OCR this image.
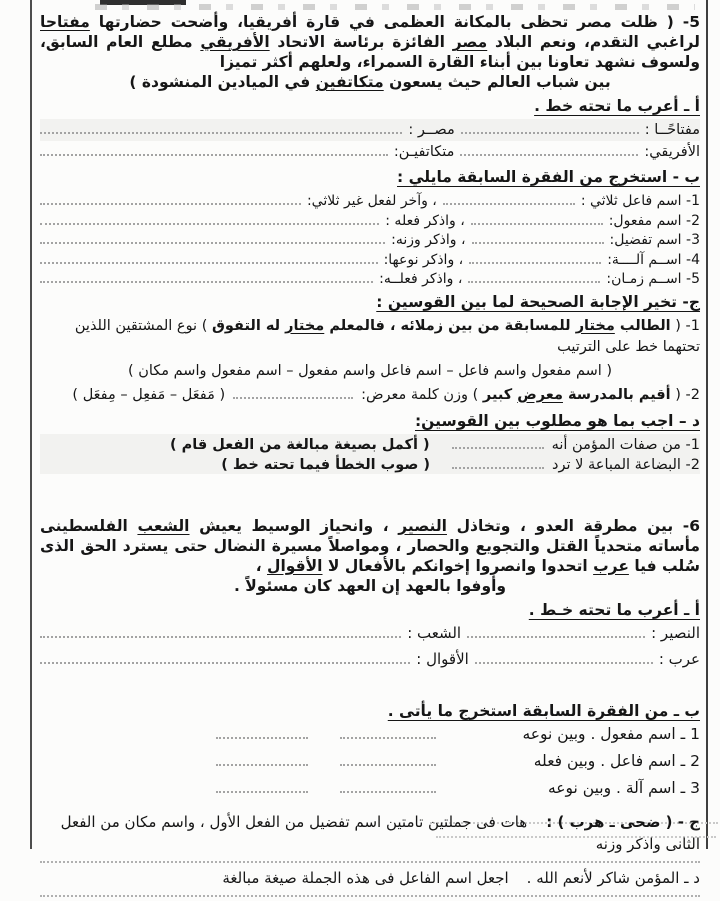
5- ( ظلت مصر تحظى بالمكانة العظمى في قارة أفريقيا، وأضحت حضارتها مفتاحا لراغبي التقدم، ونعم البلاد مصر الفائزة برئاسة الاتحاد الأفريقي مطلع العام السابق، ولسوف نشهد تعاونا بين أبناء القارة السمراء، ولعلهم أكثر تميزا

بين شباب العالم حيث يسعون متكاتفين في الميادين المنشودة )
أ ـ أعرب ما تحته خط .
مفتاحًــا :
مصــر :
الأفريقي:
متكاتفيـن:
ب - استخرج من الفقرة السابقة مايلي :
1- اسم فاعل ثلاثي :
، وآخر لفعل غير ثلاثي:
2- اسم مفعول:
، واذكر فعله :
3- اسم تفضيل:
، واذكر وزنه:
4- اســم آلــــة:
، واذكر نوعها:
5- اســم زمـان:
، واذكر فعلــه:
ج- تخير الإجابة الصحيحة لما بين القوسين :
1- ( الطالب مختار للمسابقة من بين زملائه ، فالمعلم مختار له التفوق ) نوع المشتقين اللذين تحتهما خط على الترتيب
( اسم مفعول واسم فاعل – اسم فاعل واسم مفعول – اسم مفعول واسم مكان )
2- ( أقيم بالمدرسة معرض كبير ) وزن كلمة معرض:
( مَفعَل – مَفعِل – مِفعَل )
د – اجب بما هو مطلوب بين القوسين:
1- من صفات المؤمن أنه
( أكمل بصيغة مبالغة من الفعل قام )
2- البضاعة المباعة لا ترد
( صوب الخطأ فيما تحته خط )

6- بين مطرقة العدو ، وتخاذل النصير ، وانحياز الوسيط يعيش الشعب الفلسطينى مأساته متحدياً القتل والتجويع والحصار ، ومواصلاً مسيرة النضال حتى يسترد الحق الذى سُلب فيا عرب اتحدوا وانصروا إخوانكم بالأفعال لا الأقوال ،

وأوفوا بالعهد إن العهد كان مسئولاً .
أ ـ أعرب ما تحته خـط .
النصير :
الشعب :
عرب :
الأقوال :
ب ـ من الفقرة السابقة استخرج ما يأتى .
1 ـ اسم مفعول . وبين نوعه
2 ـ اسم فاعل . وبين فعله
3 ـ اسم آلة . وبين نوعه
ج - ( ضحى ـ هرب ) :    هات فى جملتين تامتين اسم تفضيل من الفعل الأول ، واسم مكان من الفعل الثانى واذكر وزنه
د ـ المؤمن شاكر لأنعم الله .
اجعل اسم الفاعل فى هذه الجملة صيغة مبالغة
